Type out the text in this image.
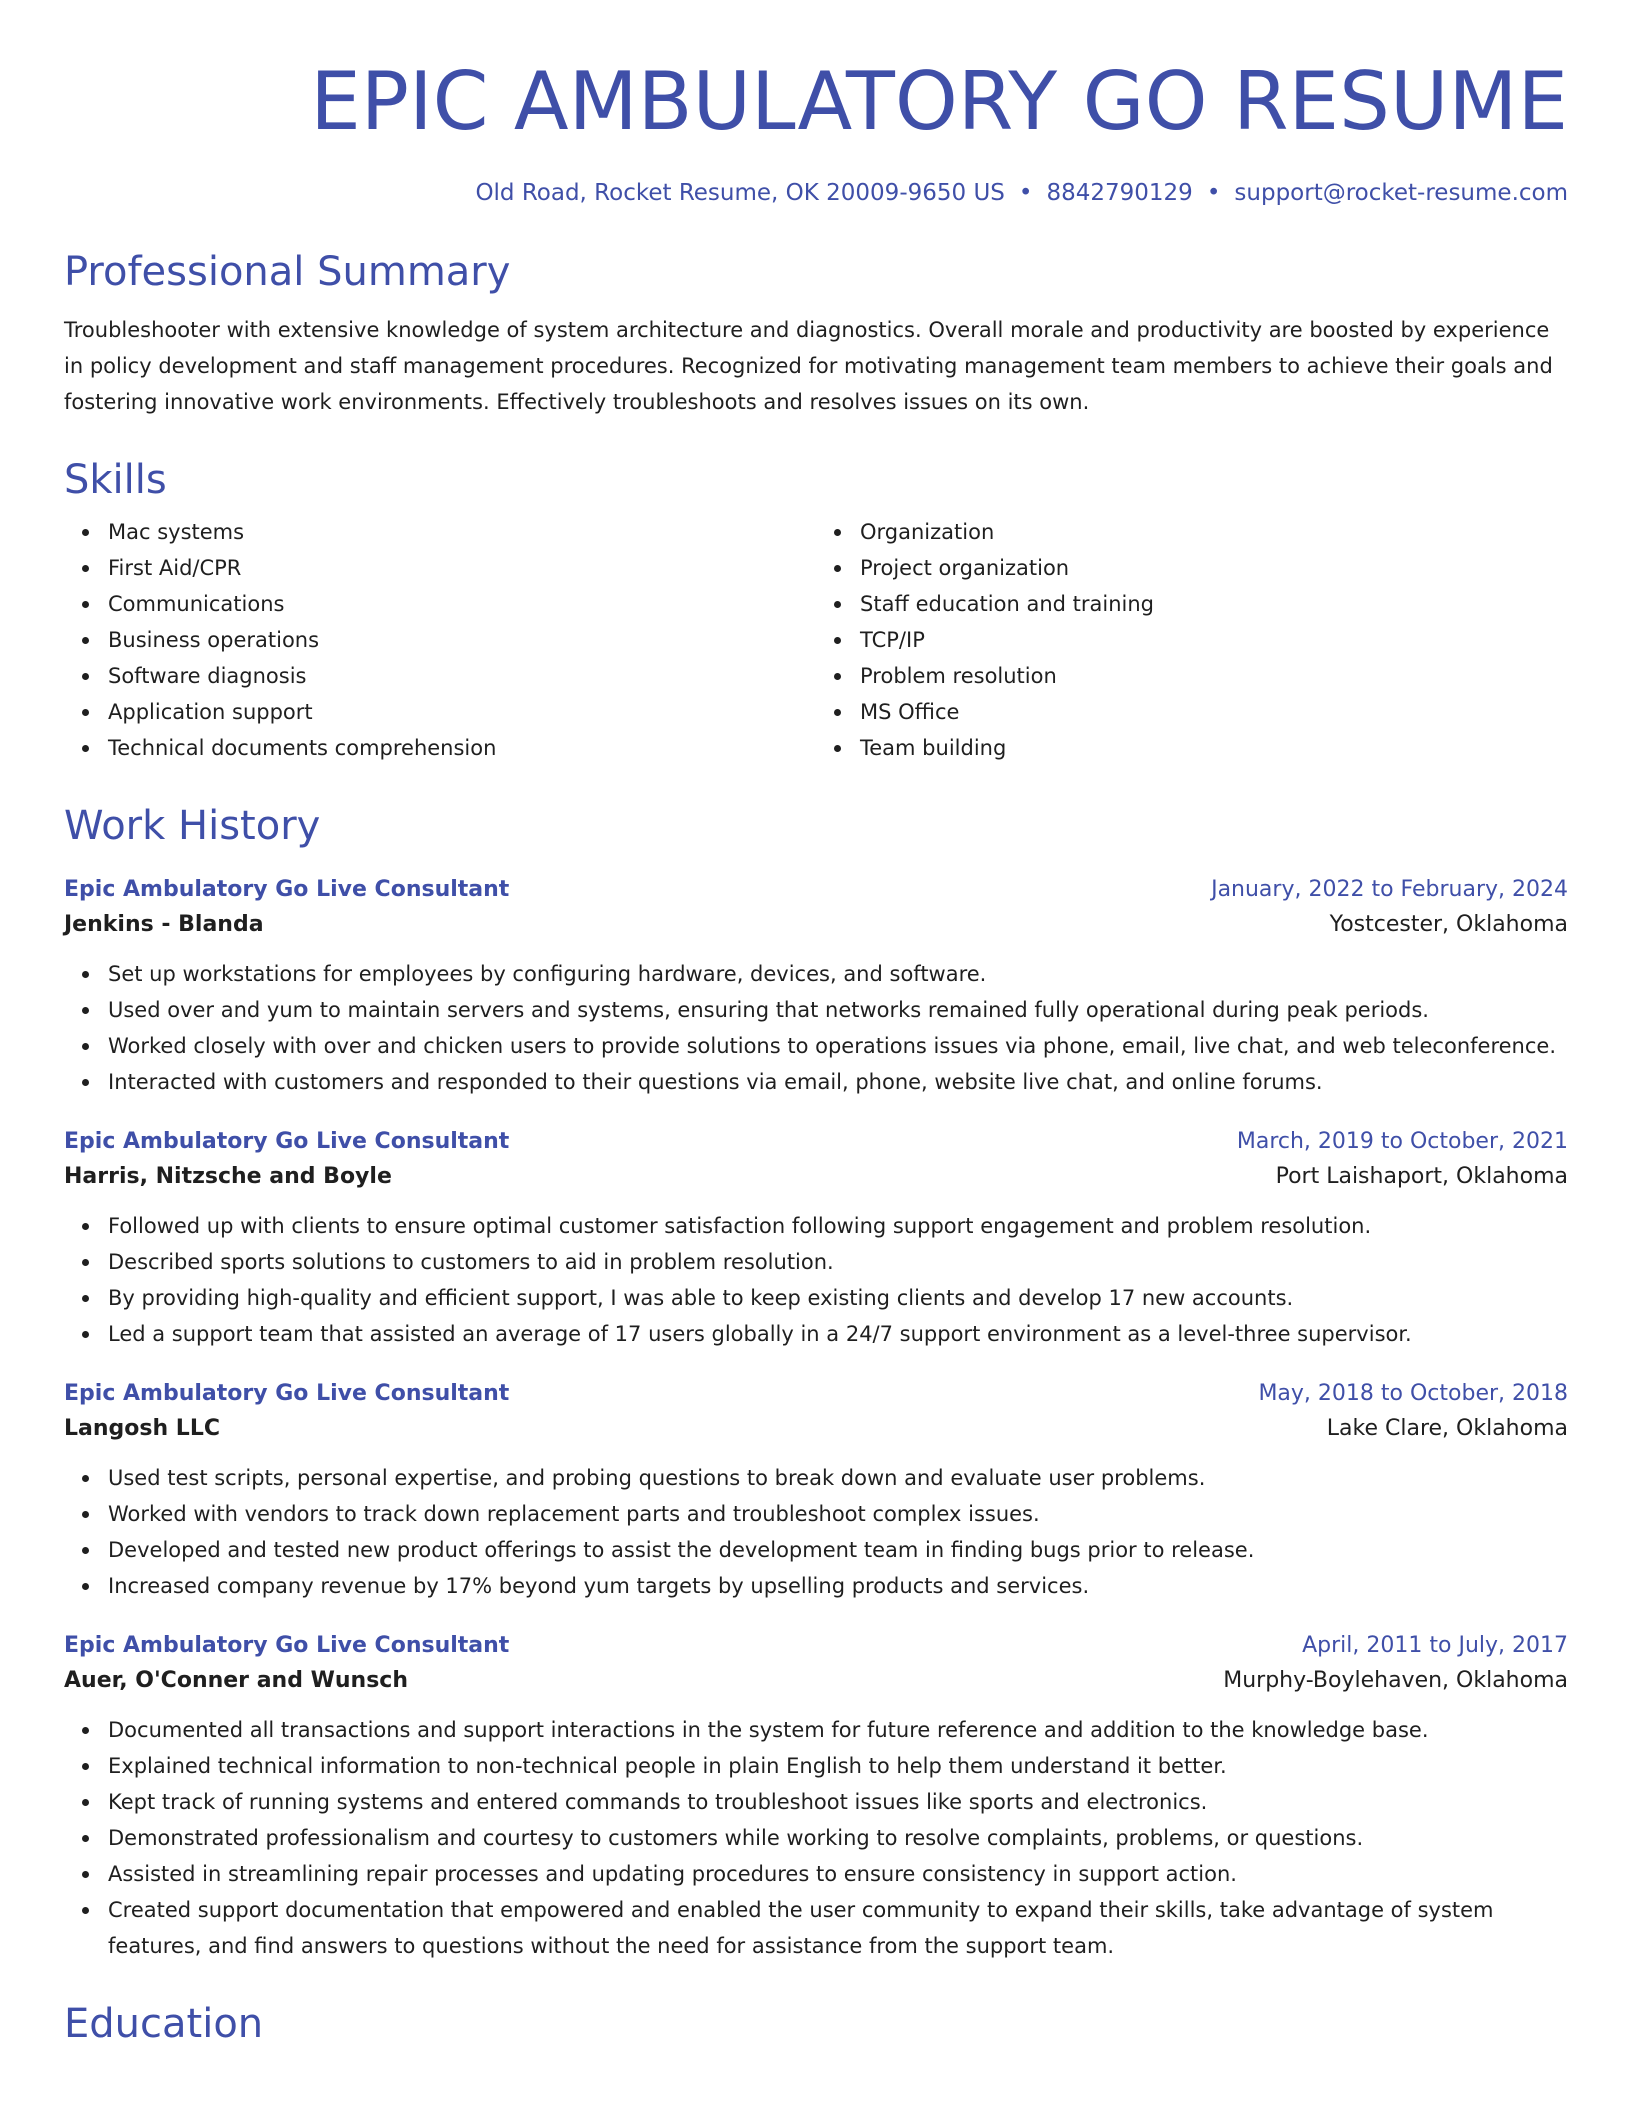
EPIC AMBULATORY GO RESUME
Old Road, Rocket Resume, OK 20009-9650 US • 8842790129 • support@rocket-resume.com
Professional Summary

Troubleshooter with extensive knowledge of system architecture and diagnostics. Overall morale and productivity are boosted by experience in policy development and staff management procedures. Recognized for motivating management team members to achieve their goals and fostering innovative work environments. Effectively troubleshoots and resolves issues on its own.

Skills
Mac systems
First Aid/CPR
Communications
Business operations
Software diagnosis
Application support
Technical documents comprehension
Organization
Project organization
Staff education and training
TCP/IP
Problem resolution
MS Office
Team building
Work History
Epic Ambulatory Go Live Consultant	January, 2022 to February, 2024
Jenkins - Blanda	Yostcester, Oklahoma
Set up workstations for employees by configuring hardware, devices, and software.
Used over and yum to maintain servers and systems, ensuring that networks remained fully operational during peak periods.
Worked closely with over and chicken users to provide solutions to operations issues via phone, email, live chat, and web teleconference.
Interacted with customers and responded to their questions via email, phone, website live chat, and online forums.
Epic Ambulatory Go Live Consultant	March, 2019 to October, 2021
Harris, Nitzsche and Boyle	Port Laishaport, Oklahoma
Followed up with clients to ensure optimal customer satisfaction following support engagement and problem resolution.
Described sports solutions to customers to aid in problem resolution.
By providing high-quality and efficient support, I was able to keep existing clients and develop 17 new accounts.
Led a support team that assisted an average of 17 users globally in a 24/7 support environment as a level-three supervisor.
Epic Ambulatory Go Live Consultant	May, 2018 to October, 2018
Langosh LLC	Lake Clare, Oklahoma
Used test scripts, personal expertise, and probing questions to break down and evaluate user problems.
Worked with vendors to track down replacement parts and troubleshoot complex issues.
Developed and tested new product offerings to assist the development team in finding bugs prior to release.
Increased company revenue by 17% beyond yum targets by upselling products and services.
Epic Ambulatory Go Live Consultant	April, 2011 to July, 2017
Auer, O'Conner and Wunsch	Murphy-Boylehaven, Oklahoma
Documented all transactions and support interactions in the system for future reference and addition to the knowledge base.
Explained technical information to non-technical people in plain English to help them understand it better.
Kept track of running systems and entered commands to troubleshoot issues like sports and electronics.
Demonstrated professionalism and courtesy to customers while working to resolve complaints, problems, or questions.
Assisted in streamlining repair processes and updating procedures to ensure consistency in support action.
Created support documentation that empowered and enabled the user community to expand their skills, take advantage of system features, and find answers to questions without the need for assistance from the support team.
Education
